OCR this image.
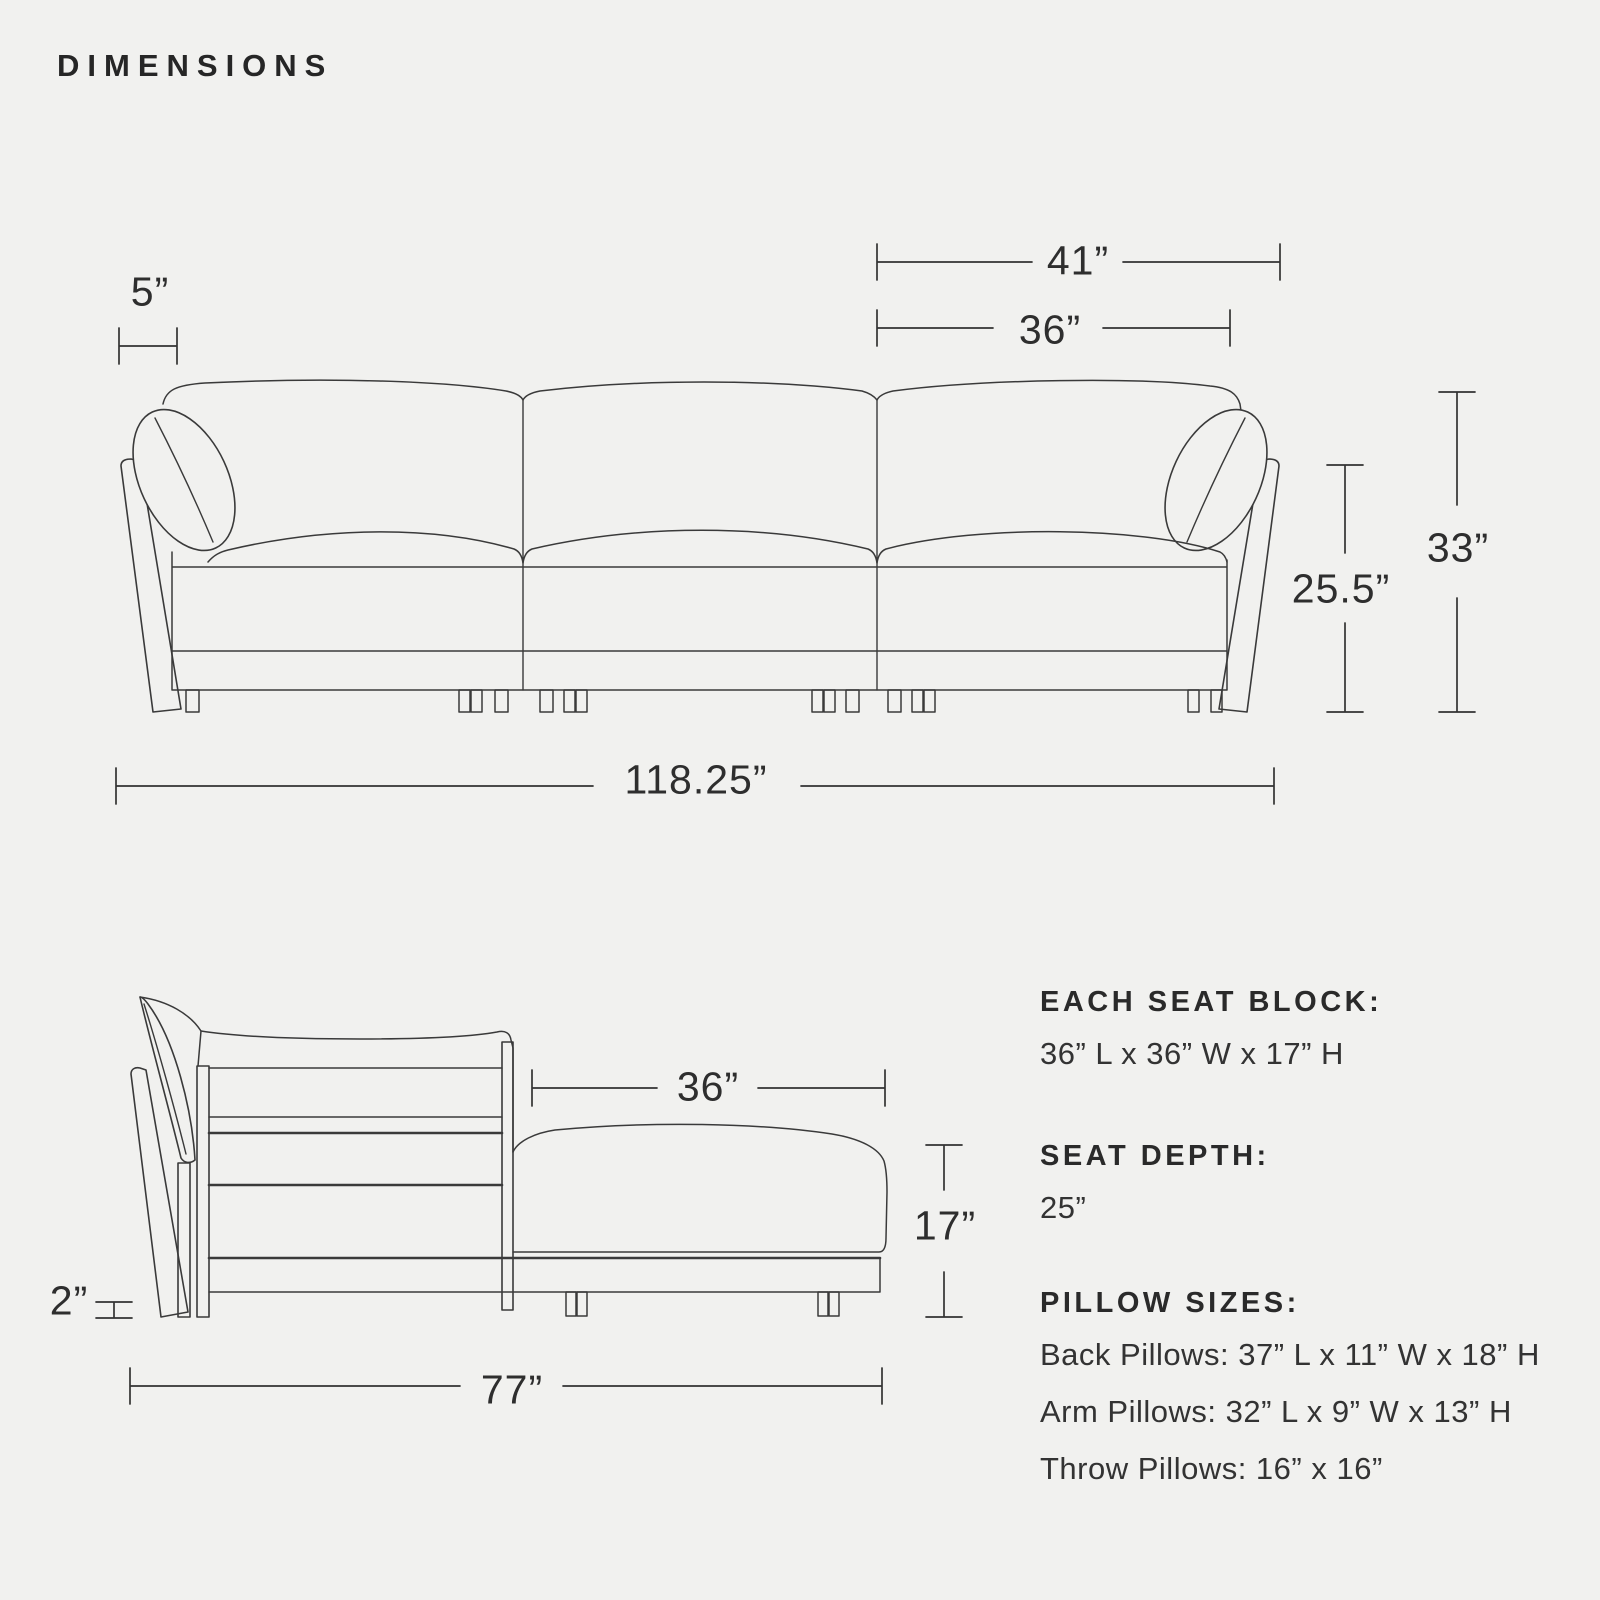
DIMENSIONS
5”
41”
36”
33”
25.5”
118.25”
36”
17”
2”
77”
EACH SEAT BLOCK:
36” L x 36” W x 17” H
SEAT DEPTH:
25”
PILLOW SIZES:
Back Pillows: 37” L x 11” W x 18” H
Arm Pillows: 32” L x 9” W x 13” H
Throw Pillows: 16” x 16”
